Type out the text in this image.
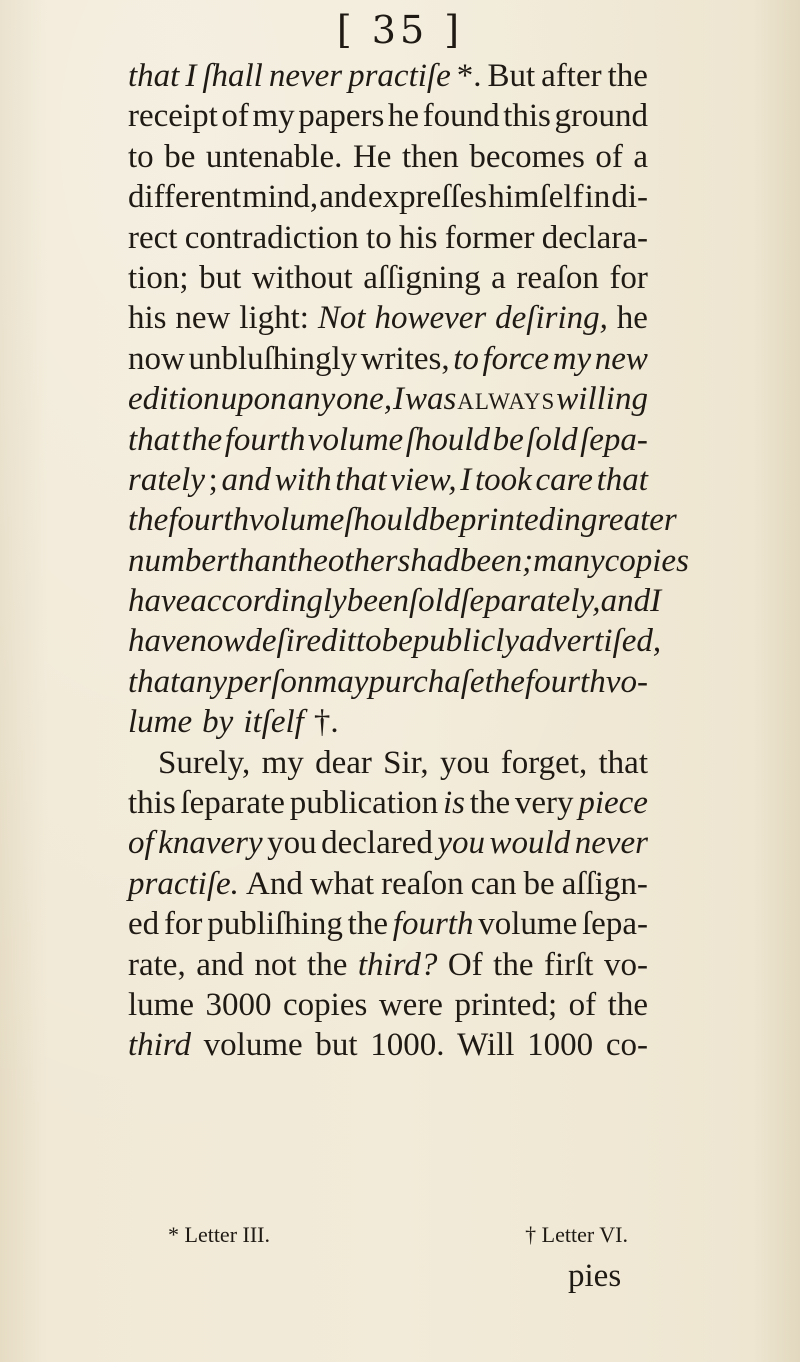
[ 35 ]
that I ſhall never practiſe *. But after the
receipt of my papers he found this ground
to be untenable. He then becomes of a
different mind, and expreſſes himſelf in di-
rect contradiction to his former declara-
tion; but without aſſigning a reaſon for
his new light: Not however deſiring, he
now unbluſhingly writes, to force my new
edition upon any one, I was always willing
that the fourth volume ſhould be ſold ſepa-
rately ; and with that view, I took care that
the fourth volume ſhould be printed in greater
number than the others had been; many copies
have accordingly been ſold ſeparately, and I
have now deſired it to be publicly advertiſed,
that any perſon may purchaſe the fourth vo-
lume by itſelf †.
Surely, my dear Sir, you forget, that
this ſeparate publication is the very piece
of knavery you declared you would never
practiſe. And what reaſon can be aſſign-
ed for publiſhing the fourth volume ſepa-
rate, and not the third? Of the firſt vo-
lume 3000 copies were printed; of the
third volume but 1000. Will 1000 co-
* Letter III.	† Letter VI.
pies
